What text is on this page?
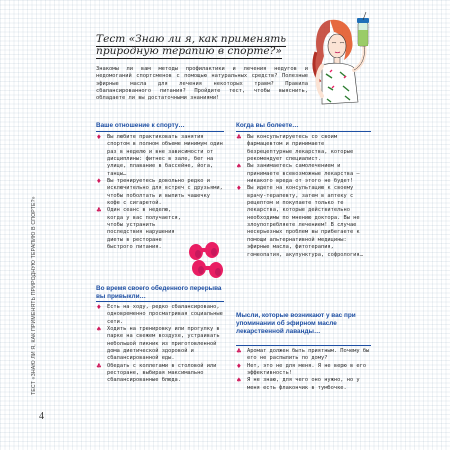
ТЕСТ «ЗНАЮ ЛИ Я, КАК ПРИМЕНЯТЬ ПРИРОДНУЮ ТЕРАПИЮ В СПОРТЕ?»
4
Тест «Знаю ли я, как применять природную терапию в спорте?»

Знакомы ли вам методы профилактики и лечения недугов и недомоганий спортсменов с помощью натуральных средств? Полезные эфирные масла для лечения некоторых травм? Правила сбалансированного питания? Пройдите тест, чтобы выяснить, обладаете ли вы достаточными знаниями!

Ваше отношение к спорту…
♦ Вы любите практиковать занятия спортом в полном объеме минимум один раз в неделю и вне зависимости от дисциплины: фитнес в зале, бег на улице, плавание в бассейне, йога, танцы…
♦ Вы тренируетесь довольно редко и исключительно для встреч с друзьями, чтобы поболтать и выпить чашечку кофе с сигаретой.
♣ Один сеанс в неделю, когда у вас получается, чтобы устранить последствия нарушения диеты в ресторане быстрого питания.
Во время своего обеденного перерыва вы привыкли…
♦ Есть на ходу, редко сбалансировано, одновременно просматривая социальные сети.
♠ Ходить на тренировку или прогулку в парке на свежем воздухе, устраивать небольшой пикник из приготовленной дома диетической здоровой и сбалансированной еды.
♣ Обедать с коллегами в столовой или ресторане, выбирая максимально сбалансированные блюда.
Когда вы болеете…
♣ Вы консультируетесь со своим фармацевтом и принимаете безрецептурные лекарства, которые рекомендует специалист.
♠ Вы занимаетесь самолечением и принимаете всевозможные лекарства – никакого вреда от этого не будет!
♦ Вы идете на консультацию к своему врачу-терапевту, затем в аптеку с рецептом и покупаете только те лекарства, которые действительно необходимы по мнению доктора. Вы не злоупотребляете лечением! В случае несерьезных проблем вы прибегаете к помощи альтернативной медицины: эфирные масла, фитотерапия, гомеопатия, акупунктура, софрология…
Мысли, которые возникают у вас при упоминании об эфирном масле лекарственной лаванды…
♣ Аромат должен быть приятным. Почему бы его не распылить по дому?
♦ Нет, это не для меня. Я не верю в его эффективность!
♠ Я не знаю, для чего оно нужно, но у меня есть флакончик в тумбочке.
